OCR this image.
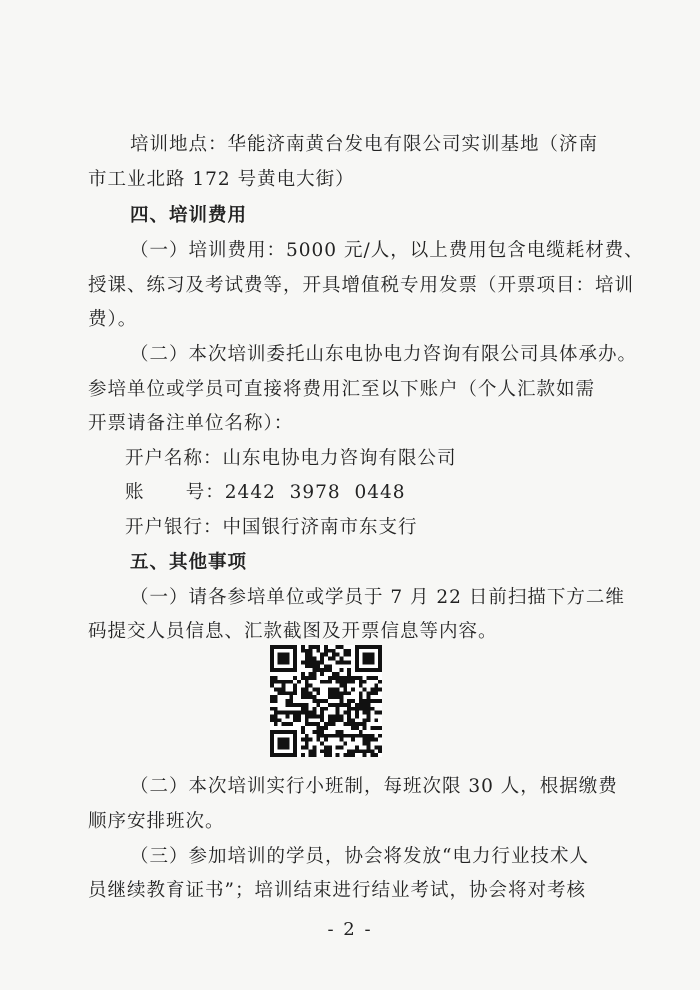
培训地点：华能济南黄台发电有限公司实训基地（济南
市工业北路 172 号黄电大街）
四、培训费用
（一）培训费用：5000 元/人，以上费用包含电缆耗材费、
授课、练习及考试费等，开具增值税专用发票（开票项目：培训
费）。
（二）本次培训委托山东电协电力咨询有限公司具体承办。
参培单位或学员可直接将费用汇至以下账户（个人汇款如需
开票请备注单位名称）：
开户名称：山东电协电力咨询有限公司
账      号：2442  3978  0448
开户银行：中国银行济南市东支行
五、其他事项
（一）请各参培单位或学员于 7 月 22 日前扫描下方二维
码提交人员信息、汇款截图及开票信息等内容。
（二）本次培训实行小班制，每班次限 30 人，根据缴费
顺序安排班次。
（三）参加培训的学员，协会将发放“电力行业技术人
员继续教育证书”；培训结束进行结业考试，协会将对考核
- 2 -
